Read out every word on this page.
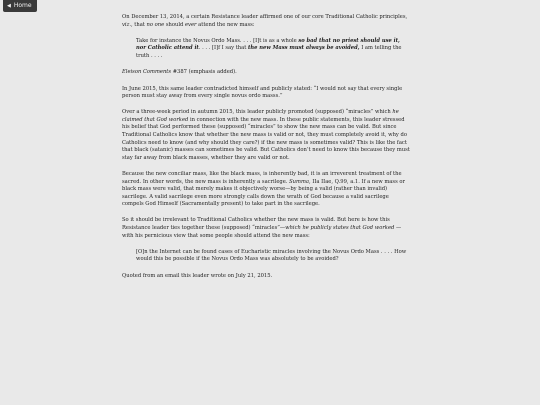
◀ Home

On December 13, 2014, a certain Resistance leader affirmed one of our core Traditional Catholic principles, viz., that no one should ever attend the new mass:

Take for instance the Novus Ordo Mass. . . . [I]t is as a whole so bad that no priest should use it, nor Catholic attend it. . . . [I]f I say that the new Mass must always be avoided, I am telling the truth . . . .

Eleison Comments #387 (emphasis added).

In June 2015, this same leader contradicted himself and publicly stated: “I would not say that every single person must stay away from every single novus ordo masss.”

Over a three-week period in autumn 2015, this leader publicly promoted (supposed) “miracles” which he claimed that God worked in connection with the new mass. In these public statements, this leader stressed his belief that God performed these (supposed) “miracles” to show the new mass can be valid. But since Traditional Catholics know that whether the new mass is valid or not, they must completely avoid it, why do Catholics need to know (and why should they care?) if the new mass is sometimes valid? This is like the fact that black (satanic) masses can sometimes be valid. But Catholics don’t need to know this because they must stay far away from black masses, whether they are valid or not.

Because the new conciliar mass, like the black mass, is inherently bad, it is an irreverent treatment of the sacred. In other words, the new mass is inherently a sacrilege. Summa, IIa IIae, Q.99, a.1. If a new mass or black mass were valid, that merely makes it objectively worse—by being a valid (rather than invalid) sacrilege. A valid sacrilege even more strongly calls down the wrath of God because a valid sacrilege compels God Himself (Sacramentally present) to take part in the sacrilege.

So it should be irrelevant to Traditional Catholics whether the new mass is valid. But here is how this Resistance leader ties together these (supposed) “miracles”—which he publicly states that God worked — with his pernicious view that some people should attend the new mass:

[O]n the Internet can be found cases of Eucharistic miracles involving the Novus Ordo Mass . . . . How would this be possible if the Novus Ordo Mass was absolutely to be avoided?

Quoted from an email this leader wrote on July 21, 2015.
